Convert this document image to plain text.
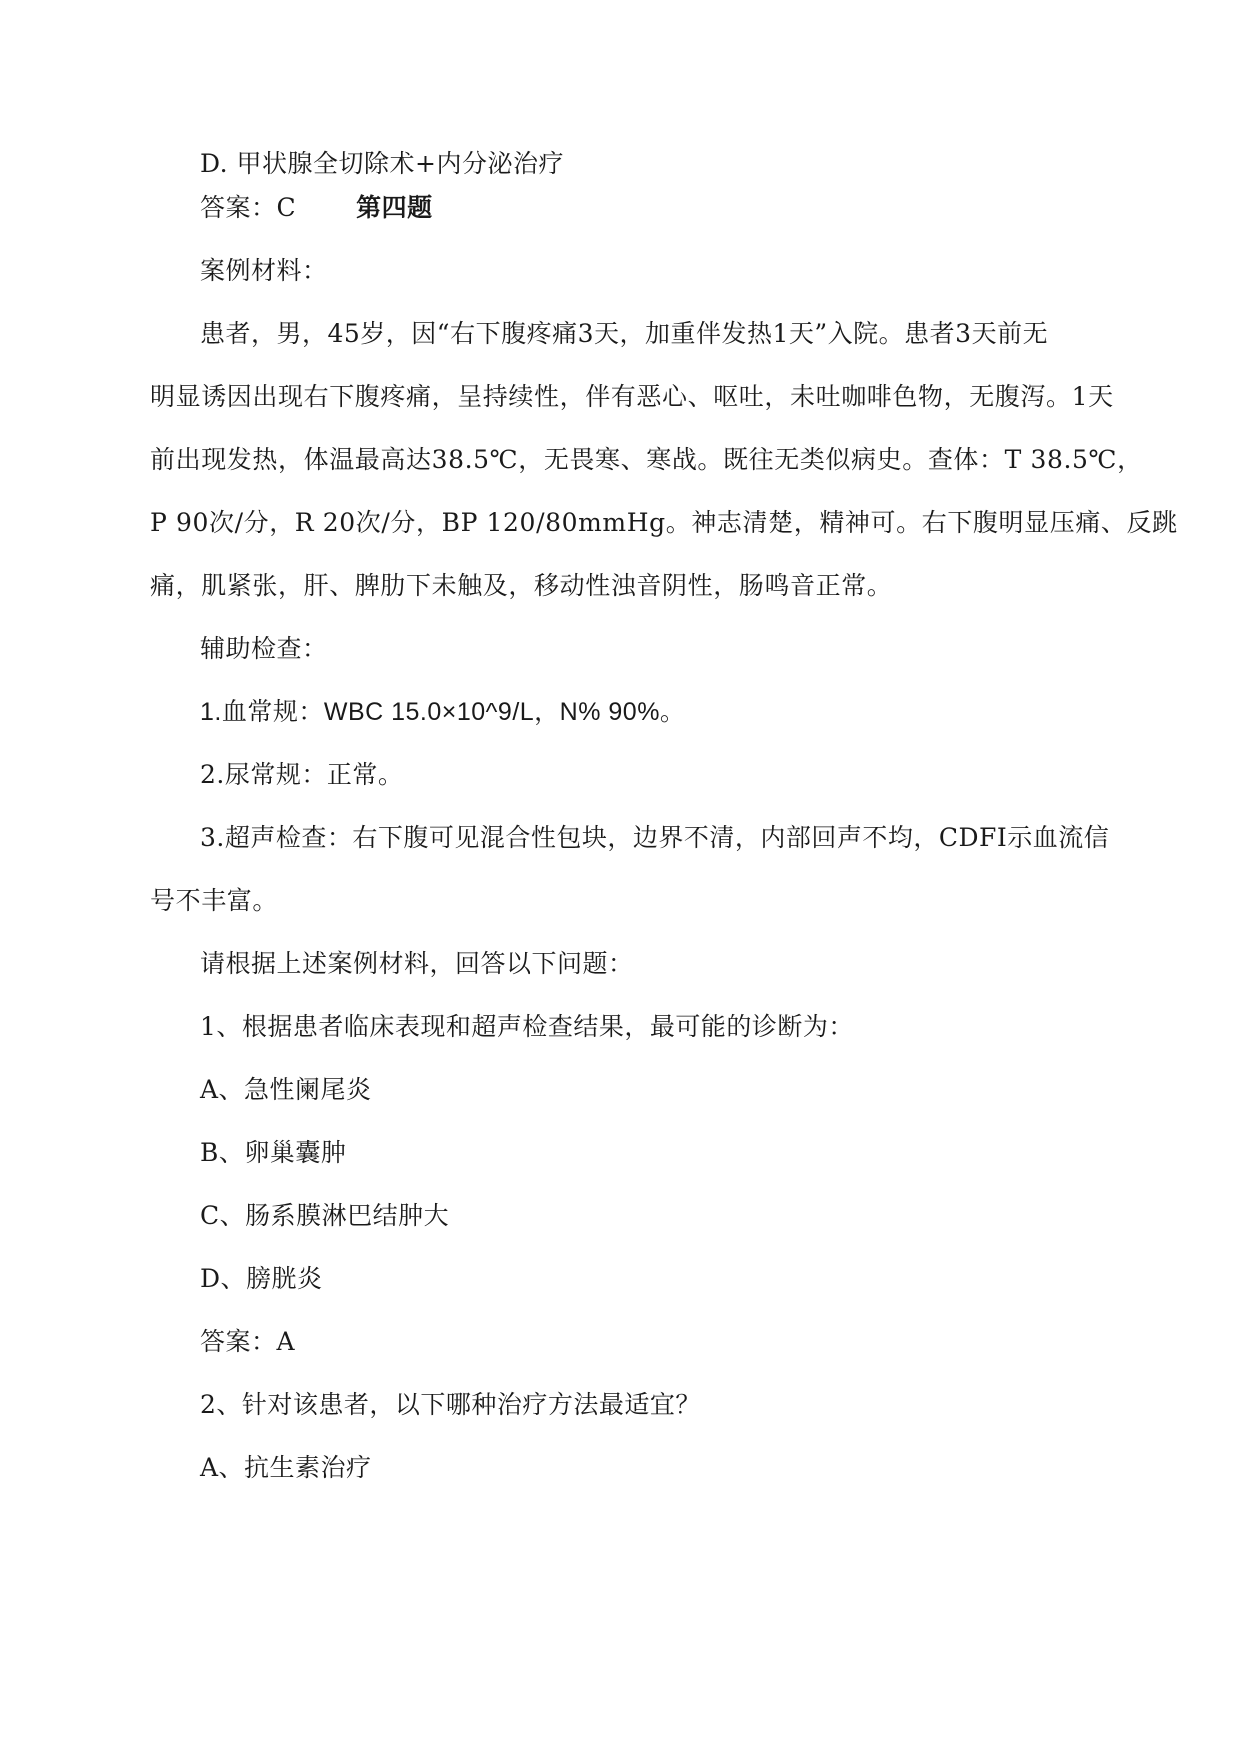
D. 甲状腺全切除术+内分泌治疗
答案：C 第四题
案例材料：
患者，男，45岁，因“右下腹疼痛3天，加重伴发热1天”入院。患者3天前无
明显诱因出现右下腹疼痛，呈持续性，伴有恶心、呕吐，未吐咖啡色物，无腹泻。1天
前出现发热，体温最高达38.5℃，无畏寒、寒战。既往无类似病史。查体：T 38.5℃，
P 90次/分，R 20次/分，BP 120/80mmHg。神志清楚，精神可。右下腹明显压痛、反跳
痛，肌紧张，肝、脾肋下未触及，移动性浊音阴性，肠鸣音正常。
辅助检查：
1.血常规：WBC 15.0×10^9/L，N% 90%。
2.尿常规：正常。
3.超声检查：右下腹可见混合性包块，边界不清，内部回声不均，CDFI示血流信
号不丰富。
请根据上述案例材料，回答以下问题：
1、根据患者临床表现和超声检查结果，最可能的诊断为：
A、急性阑尾炎
B、卵巢囊肿
C、肠系膜淋巴结肿大
D、膀胱炎
答案：A
2、针对该患者，以下哪种治疗方法最适宜？
A、抗生素治疗
